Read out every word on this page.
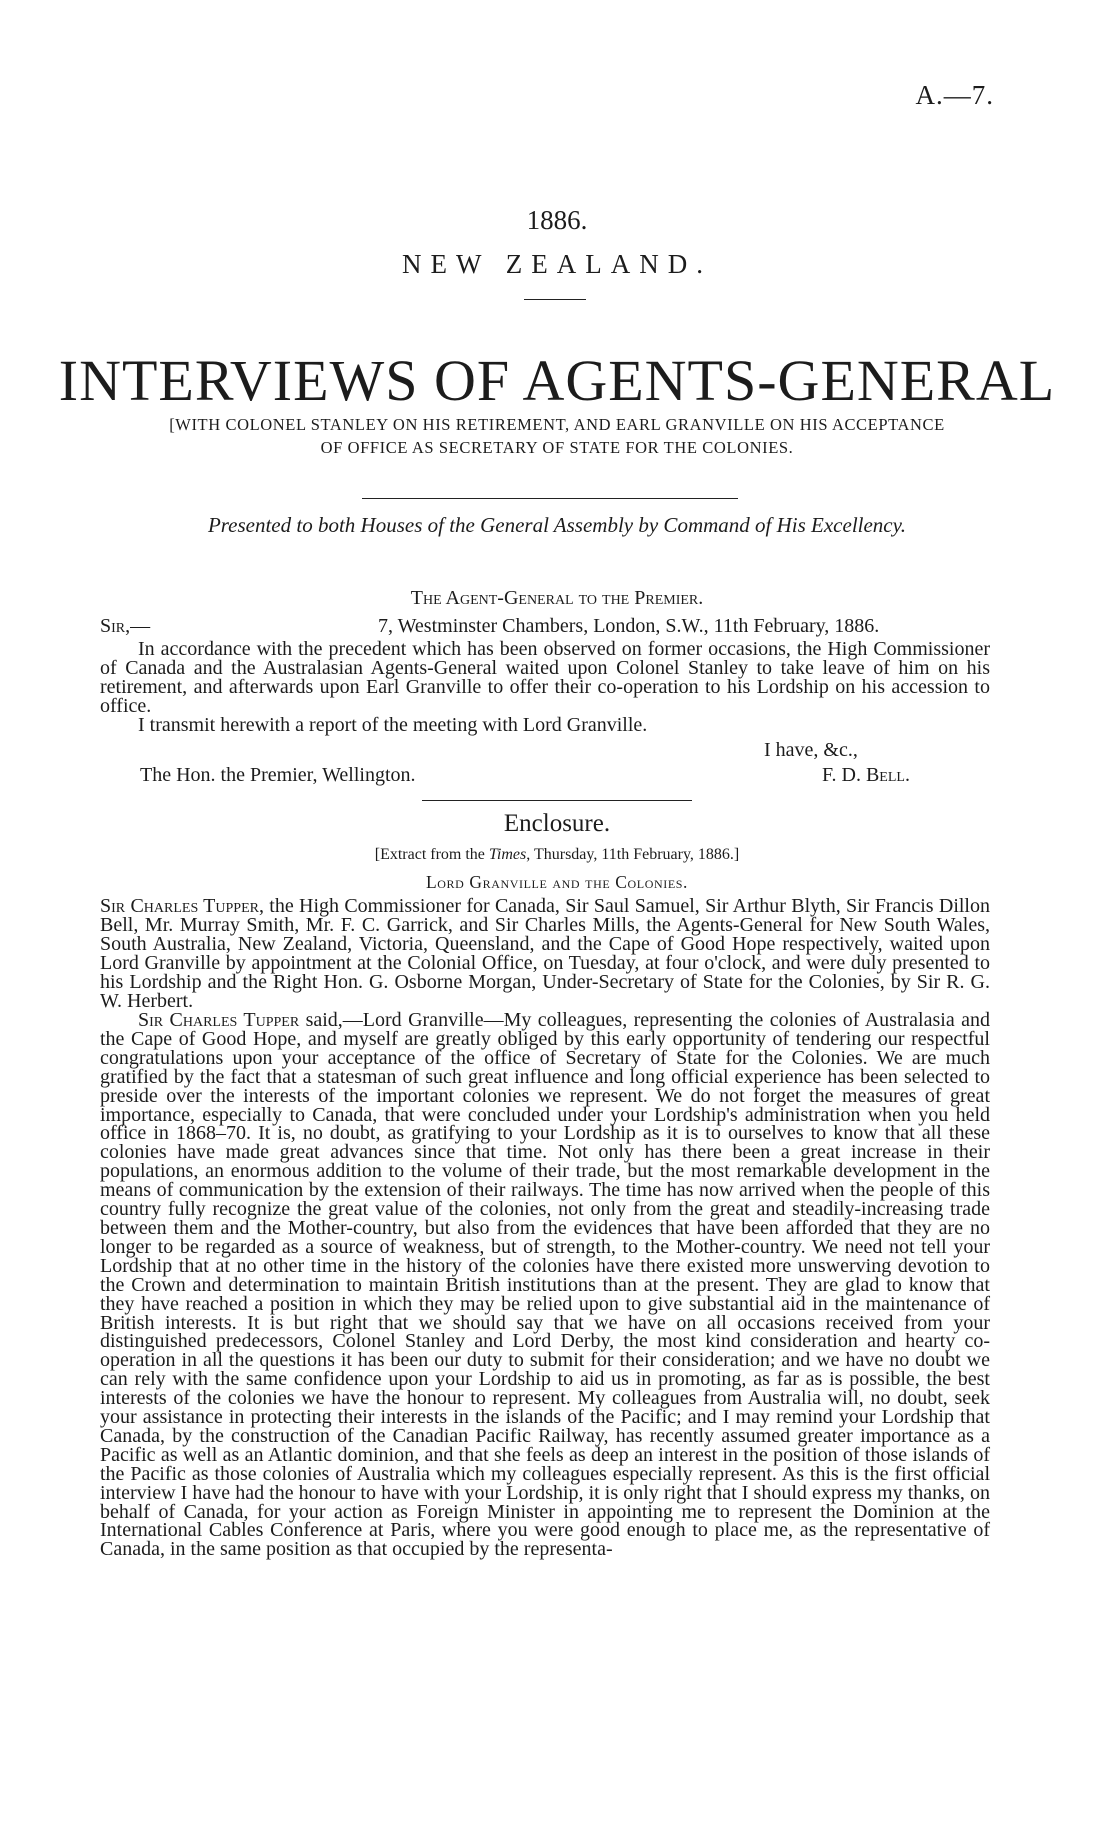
A.—7.
1886.
NEW ZEALAND.
INTERVIEWS OF AGENTS-GENERAL
[WITH COLONEL STANLEY ON HIS RETIREMENT, AND EARL GRANVILLE ON HIS ACCEPTANCE
OF OFFICE AS SECRETARY OF STATE FOR THE COLONIES.
Presented to both Houses of the General Assembly by Command of His Excellency.
The Agent-General to the Premier.
Sir,—	7, Westminster Chambers, London, S.W., 11th February, 1886.
In accordance with the precedent which has been observed on former occasions, the High Commissioner of Canada and the Australasian Agents-General waited upon Colonel Stanley to take leave of him on his retirement, and afterwards upon Earl Granville to offer their co-operation to his Lordship on his accession to office.
I transmit herewith a report of the meeting with Lord Granville.
I have, &c.,
The Hon. the Premier, Wellington.	F. D. Bell.
Enclosure.
[Extract from the Times, Thursday, 11th February, 1886.]
Lord Granville and the Colonies.
Sir Charles Tupper, the High Commissioner for Canada, Sir Saul Samuel, Sir Arthur Blyth, Sir Francis Dillon Bell, Mr. Murray Smith, Mr. F. C. Garrick, and Sir Charles Mills, the Agents-General for New South Wales, South Australia, New Zealand, Victoria, Queensland, and the Cape of Good Hope respectively, waited upon Lord Granville by appointment at the Colonial Office, on Tuesday, at four o'clock, and were duly presented to his Lordship and the Right Hon. G. Osborne Morgan, Under-Secretary of State for the Colonies, by Sir R. G. W. Herbert.
Sir Charles Tupper said,—Lord Granville—My colleagues, representing the colonies of Australasia and the Cape of Good Hope, and myself are greatly obliged by this early opportunity of tendering our respectful congratulations upon your acceptance of the office of Secretary of State for the Colonies. We are much gratified by the fact that a statesman of such great influence and long official experience has been selected to preside over the interests of the important colonies we represent. We do not forget the measures of great importance, especially to Canada, that were concluded under your Lordship's administration when you held office in 1868–70. It is, no doubt, as gratifying to your Lordship as it is to ourselves to know that all these colonies have made great advances since that time. Not only has there been a great increase in their populations, an enormous addition to the volume of their trade, but the most remarkable development in the means of communication by the extension of their railways. The time has now arrived when the people of this country fully recognize the great value of the colonies, not only from the great and steadily-increasing trade between them and the Mother-country, but also from the evidences that have been afforded that they are no longer to be regarded as a source of weakness, but of strength, to the Mother-country. We need not tell your Lordship that at no other time in the history of the colonies have there existed more unswerving devotion to the Crown and determination to maintain British institutions than at the present. They are glad to know that they have reached a position in which they may be relied upon to give substantial aid in the maintenance of British interests. It is but right that we should say that we have on all occasions received from your distinguished predecessors, Colonel Stanley and Lord Derby, the most kind consideration and hearty co-operation in all the questions it has been our duty to submit for their consideration; and we have no doubt we can rely with the same confidence upon your Lordship to aid us in promoting, as far as is possible, the best interests of the colonies we have the honour to represent. My colleagues from Australia will, no doubt, seek your assistance in protecting their interests in the islands of the Pacific; and I may remind your Lordship that Canada, by the construction of the Canadian Pacific Railway, has recently assumed greater importance as a Pacific as well as an Atlantic dominion, and that she feels as deep an interest in the position of those islands of the Pacific as those colonies of Australia which my colleagues especially represent. As this is the first official interview I have had the honour to have with your Lordship, it is only right that I should express my thanks, on behalf of Canada, for your action as Foreign Minister in appointing me to represent the Dominion at the International Cables Conference at Paris, where you were good enough to place me, as the representative of Canada, in the same position as that occupied by the representa-
